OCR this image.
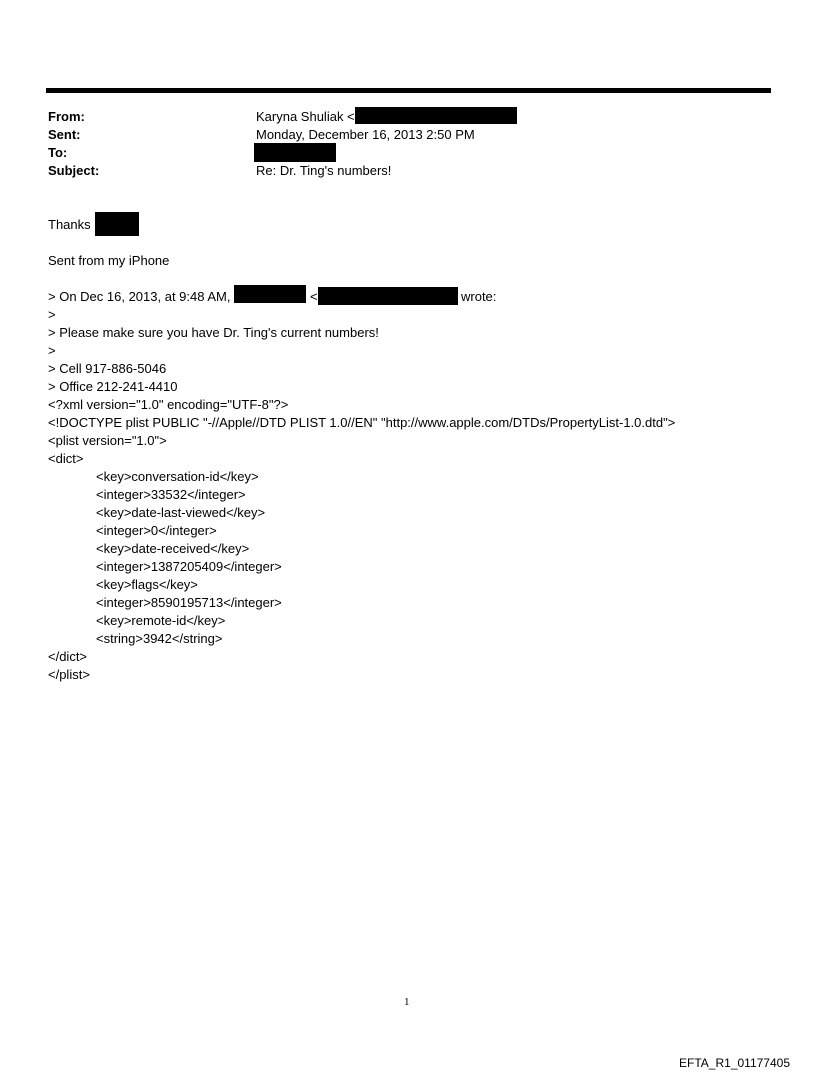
From:	Karyna Shuliak <
Sent:	Monday, December 16, 2013 2:50 PM
To:
Subject:	Re: Dr. Ting's numbers!
Thanks
Sent from my iPhone
> On Dec 16, 2013, at 9:48 AM,	<	wrote:
>
> Please make sure you have Dr. Ting's current numbers!
>
> Cell 917-886-5046
> Office 212-241-4410
<?xml version="1.0" encoding="UTF-8"?>
<!DOCTYPE plist PUBLIC "-//Apple//DTD PLIST 1.0//EN" "http://www.apple.com/DTDs/PropertyList-1.0.dtd">
<plist version="1.0">
<dict>
<key>conversation-id</key>
<integer>33532</integer>
<key>date-last-viewed</key>
<integer>0</integer>
<key>date-received</key>
<integer>1387205409</integer>
<key>flags</key>
<integer>8590195713</integer>
<key>remote-id</key>
<string>3942</string>
</dict>
</plist>
1
EFTA_R1_01177405
